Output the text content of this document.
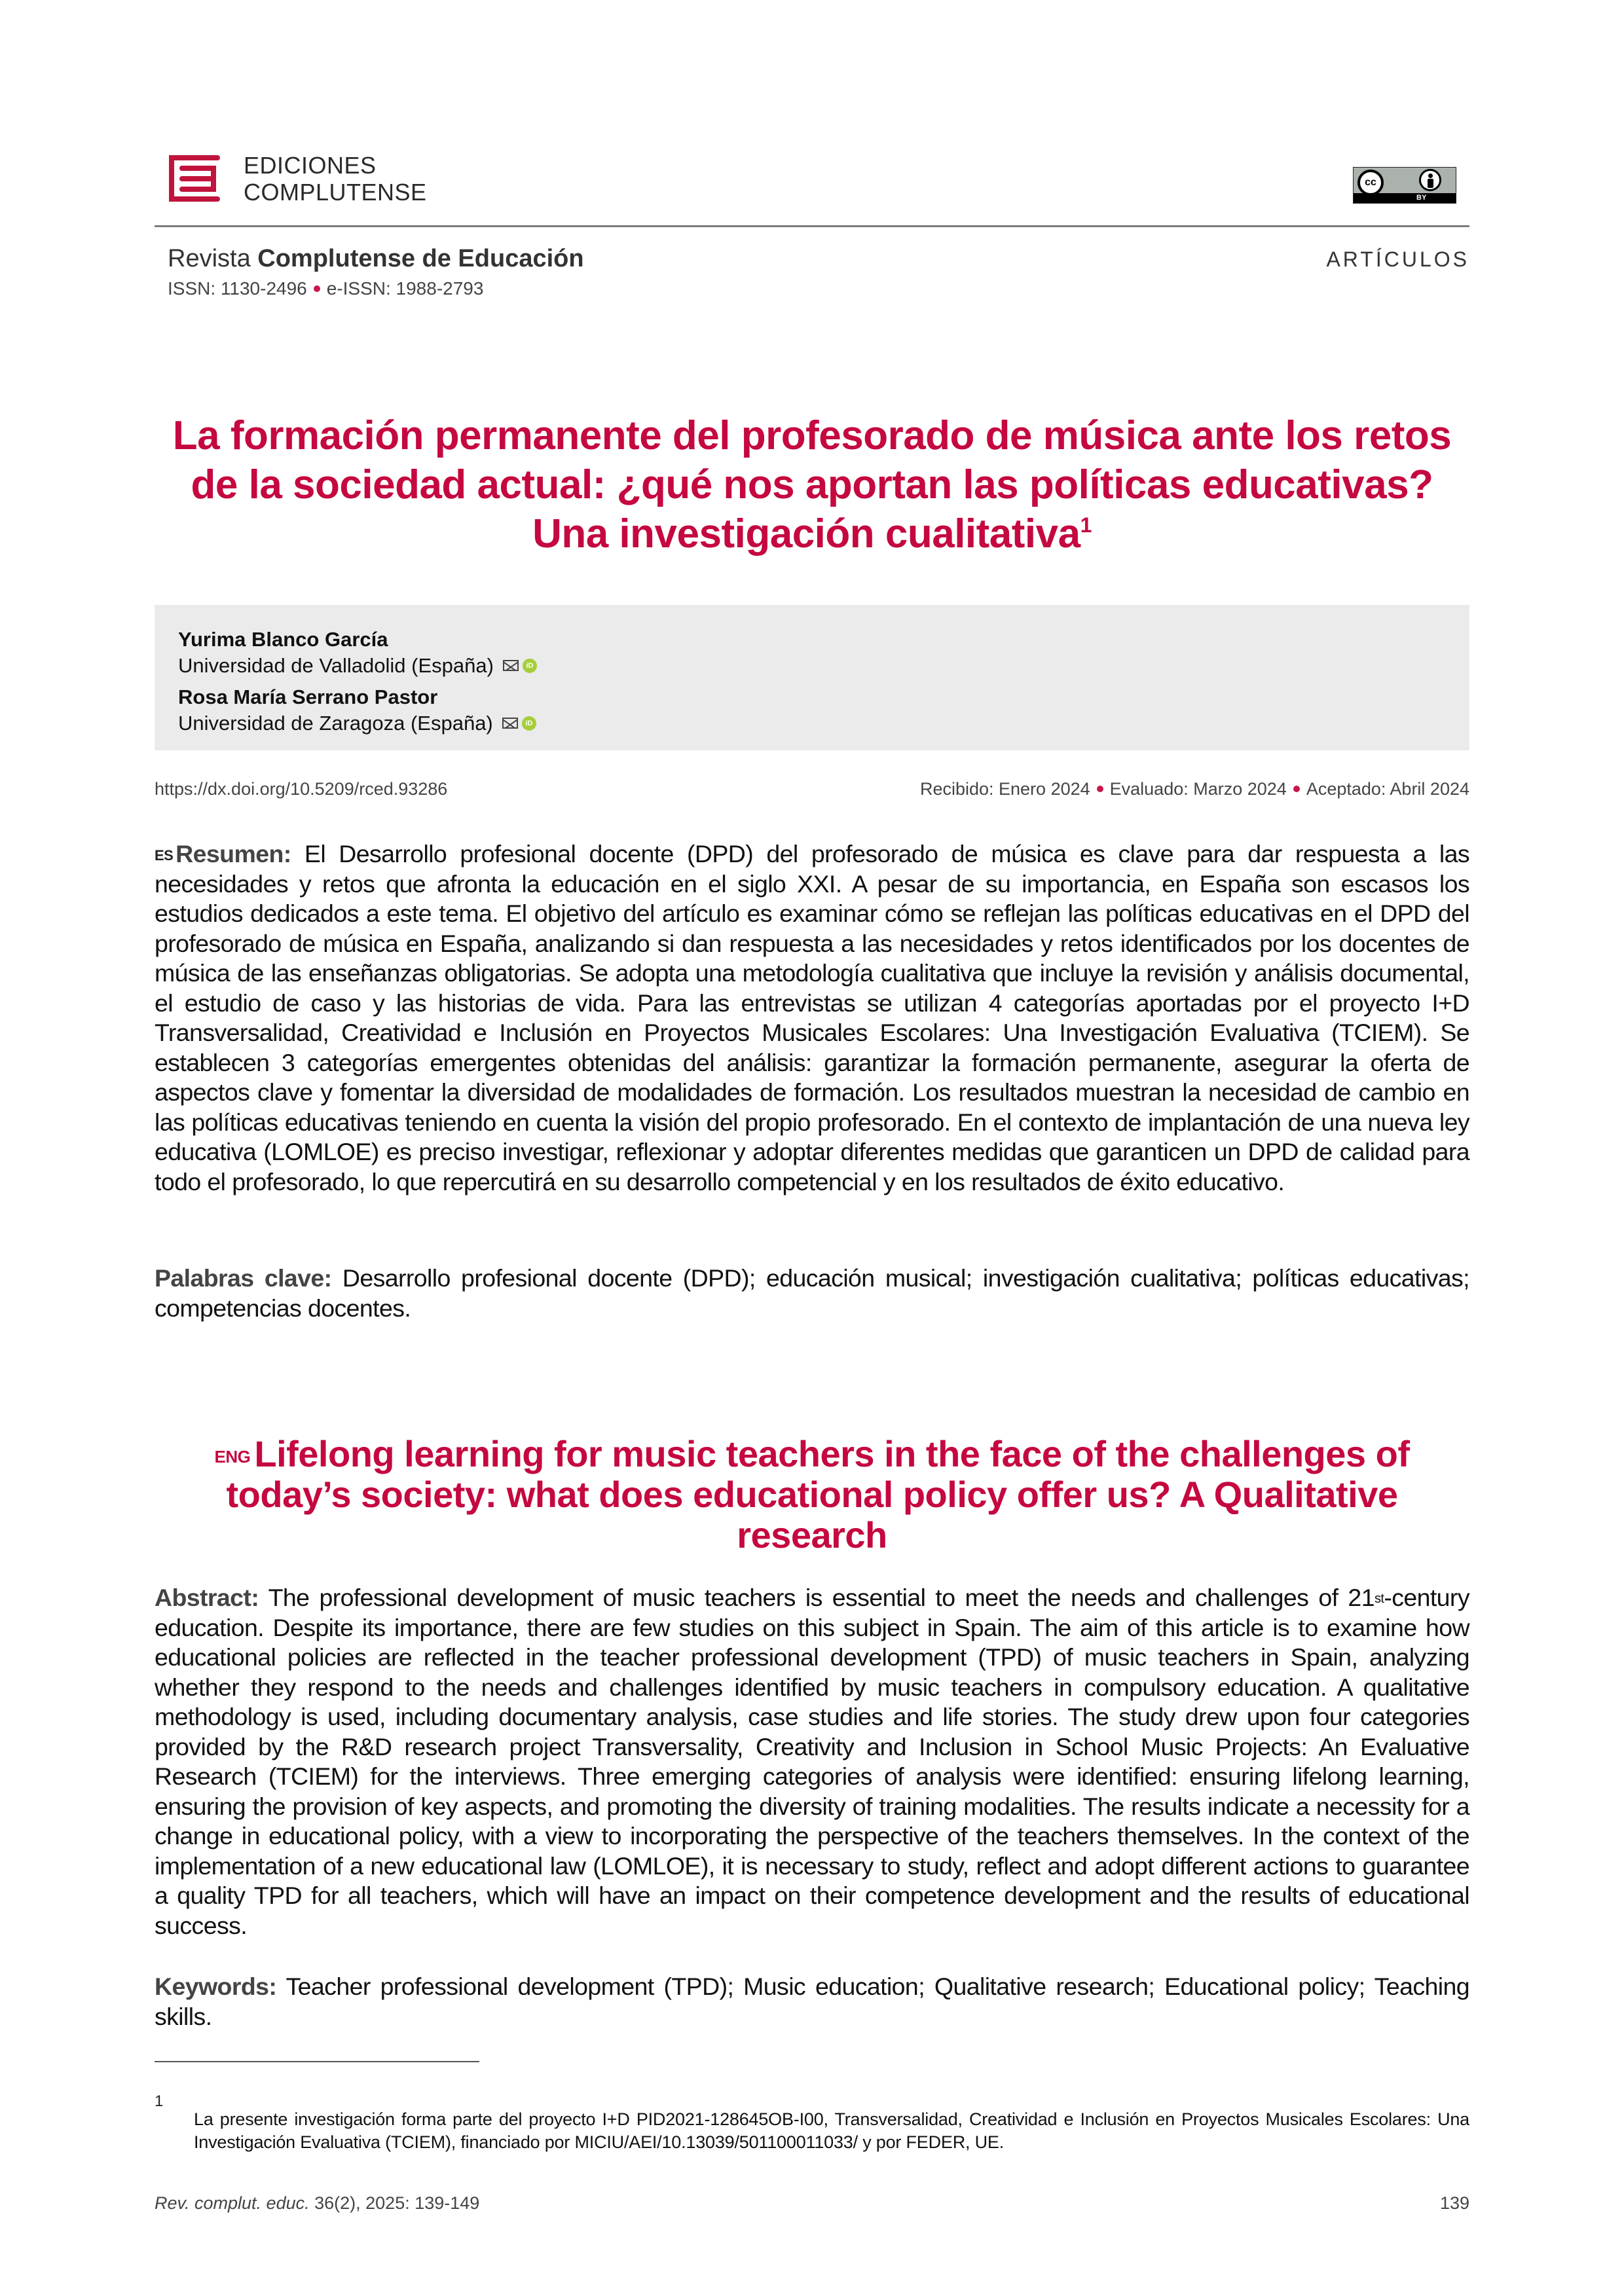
EDICIONES
COMPLUTENSE	cc
BY
Revista Complutense de Educación
ISSN: 1130-2496 e-ISSN: 1988-2793
ARTÍCULOS
La formación permanente del profesorado de música ante los retos de la sociedad actual: ¿qué nos aportan las políticas educativas? Una investigación cualitativa$^1$
Yurima Blanco García
Universidad de Valladolid (España)	iD
Rosa María Serrano Pastor
Universidad de Zaragoza (España)	iD
https://dx.doi.org/10.5209/rced.93286	Recibido: Enero 2024 Evaluado: Marzo 2024 Aceptado: Abril 2024
$^{ES}$ Resumen: El Desarrollo profesional docente (DPD) del profesorado de música es clave para dar respuesta a las necesidades y retos que afronta la educación en el siglo XXI. A pesar de su importancia, en España son escasos los estudios dedicados a este tema. El objetivo del artículo es examinar cómo se reflejan las políticas educativas en el DPD del profesorado de música en España, analizando si dan respuesta a las necesidades y retos identificados por los docentes de música de las enseñanzas obligatorias. Se adopta una metodología cualitativa que incluye la revisión y análisis documental, el estudio de caso y las historias de vida. Para las entrevistas se utilizan 4 categorías aportadas por el proyecto I+D Transversalidad, Creatividad e Inclusión en Proyectos Musicales Escolares: Una Investigación Evaluativa (TCIEM). Se establecen 3 categorías emergentes obtenidas del análisis: garantizar la formación permanente, asegurar la oferta de aspectos clave y fomentar la diversidad de modalidades de formación. Los resultados muestran la necesidad de cambio en las políticas educativas teniendo en cuenta la visión del propio profesorado. En el contexto de implantación de una nueva ley educativa (LOMLOE) es preciso investigar, reflexionar y adoptar diferentes medidas que garanticen un DPD de calidad para todo el profesorado, lo que repercutirá en su desarrollo competencial y en los resultados de éxito educativo.
Palabras clave: Desarrollo profesional docente (DPD); educación musical; investigación cualitativa; políticas educativas; competencias docentes.
$^{ENG}$ Lifelong learning for music teachers in the face of the challenges of today’s society: what does educational policy offer us? A Qualitative research
Abstract: The professional development of music teachers is essential to meet the needs and challenges of 21st-century education. Despite its importance, there are few studies on this subject in Spain. The aim of this article is to examine how educational policies are reflected in the teacher professional development (TPD) of music teachers in Spain, analyzing whether they respond to the needs and challenges identified by music teachers in compulsory education. A qualitative methodology is used, including documentary analysis, case studies and life stories. The study drew upon four categories provided by the R&D research project Transversality, Creativity and Inclusion in School Music Projects: An Evaluative Research (TCIEM) for the interviews. Three emerging categories of analysis were identified: ensuring lifelong learning, ensuring the provision of key aspects, and promoting the diversity of training modalities. The results indicate a necessity for a change in educational policy, with a view to incorporating the perspective of the teachers themselves. In the context of the implementation of a new educational law (LOMLOE), it is necessary to study, reflect and adopt different actions to guarantee a quality TPD for all teachers, which will have an impact on their competence development and the results of educational success.
Keywords: Teacher professional development (TPD); Music education; Qualitative research; Educational policy; Teaching skills.
1
La presente investigación forma parte del proyecto I+D PID2021-128645OB-I00, Transversalidad, Creatividad e Inclusión en Proyectos Musicales Escolares: Una Investigación Evaluativa (TCIEM), financiado por MICIU/AEI/10.13039/501100011033/ y por FEDER, UE.
Rev. complut. educ. 36(2), 2025: 139-149	139
